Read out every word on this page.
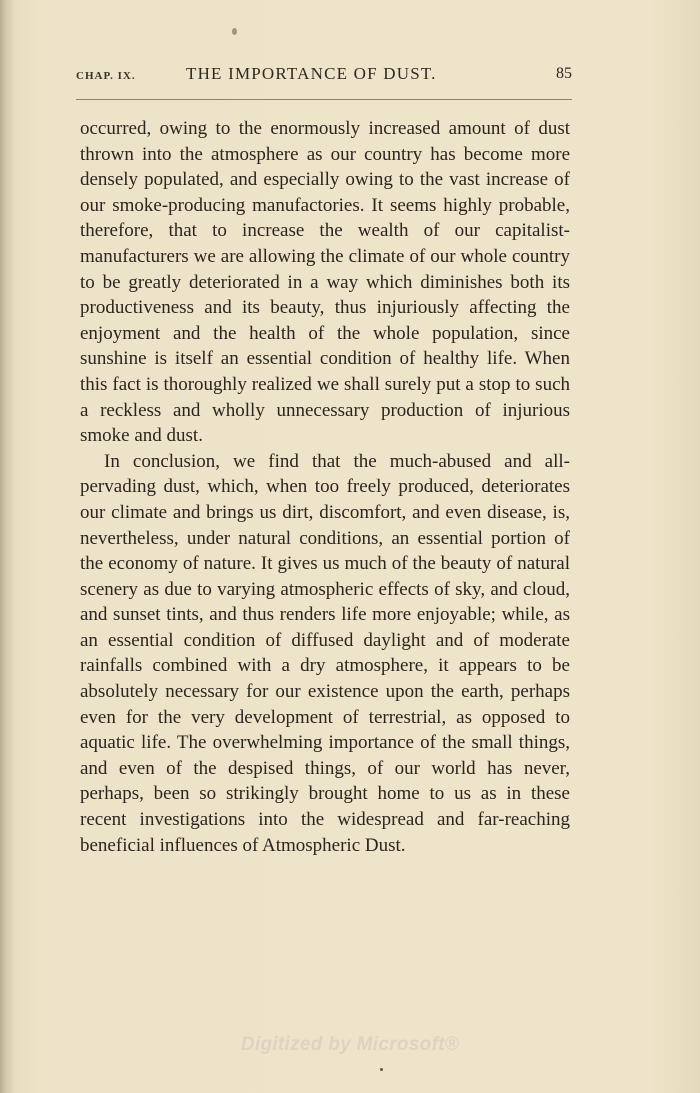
CHAP. IX.	THE IMPORTANCE OF DUST.	85

occurred, owing to the enormously increased amount of dust thrown into the atmosphere as our country has become more densely populated, and especially owing to the vast increase of our smoke-producing manufactories. It seems highly probable, therefore, that to increase the wealth of our capitalist-manufacturers we are allowing the climate of our whole country to be greatly deteriorated in a way which diminishes both its productiveness and its beauty, thus injuriously affecting the enjoyment and the health of the whole population, since sunshine is itself an essential condition of healthy life. When this fact is thoroughly realized we shall surely put a stop to such a reckless and wholly unnecessary production of injurious smoke and dust.

In conclusion, we find that the much-abused and all-pervading dust, which, when too freely produced, deteriorates our climate and brings us dirt, discomfort, and even disease, is, nevertheless, under natural conditions, an essential portion of the economy of nature. It gives us much of the beauty of natural scenery as due to varying atmospheric effects of sky, and cloud, and sunset tints, and thus renders life more enjoyable; while, as an essential condition of diffused daylight and of moderate rainfalls combined with a dry atmosphere, it appears to be absolutely necessary for our existence upon the earth, perhaps even for the very development of terrestrial, as opposed to aquatic life. The overwhelming importance of the small things, and even of the despised things, of our world has never, perhaps, been so strikingly brought home to us as in these recent investigations into the widespread and far-reaching beneficial influences of Atmospheric Dust.

Digitized by Microsoft®
